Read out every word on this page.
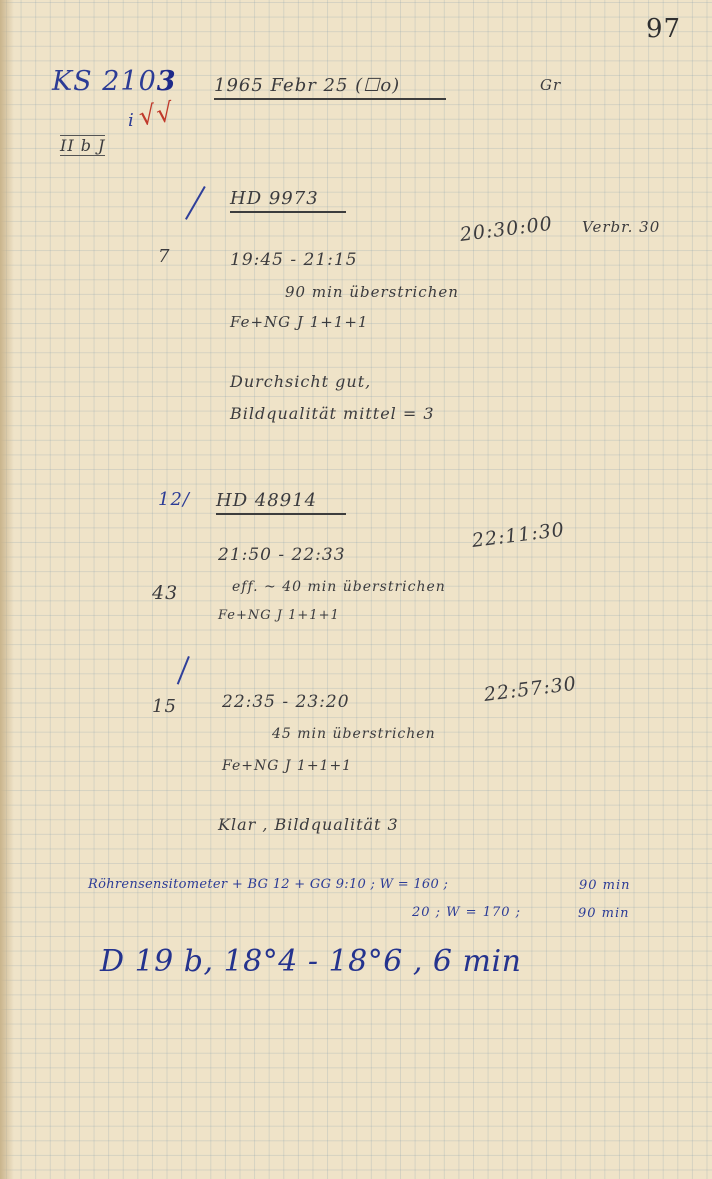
97
KS 2103
i √√
II b J
1965 Febr 25 (☐o)	Gr
HD 9973
20:30:00 Verbr. 30
7	19:45 - 21:15
90 min überstrichen
Fe+NG J 1+1+1
Durchsicht gut,
Bildqualität mittel = 3
12/ HD 48914
22:11:30
21:50 - 22:33
43	eff. ~ 40 min überstrichen
Fe+NG J 1+1+1
15
22:57:30
22:35 - 23:20
45 min überstrichen
Fe+NG J 1+1+1
Klar , Bildqualität 3
Röhrensensitometer + BG 12 + GG 9:10 ; W = 160 ;	90 min
20 ; W = 170 ;	90 min
D 19 b, 18°4 - 18°6 , 6 min
